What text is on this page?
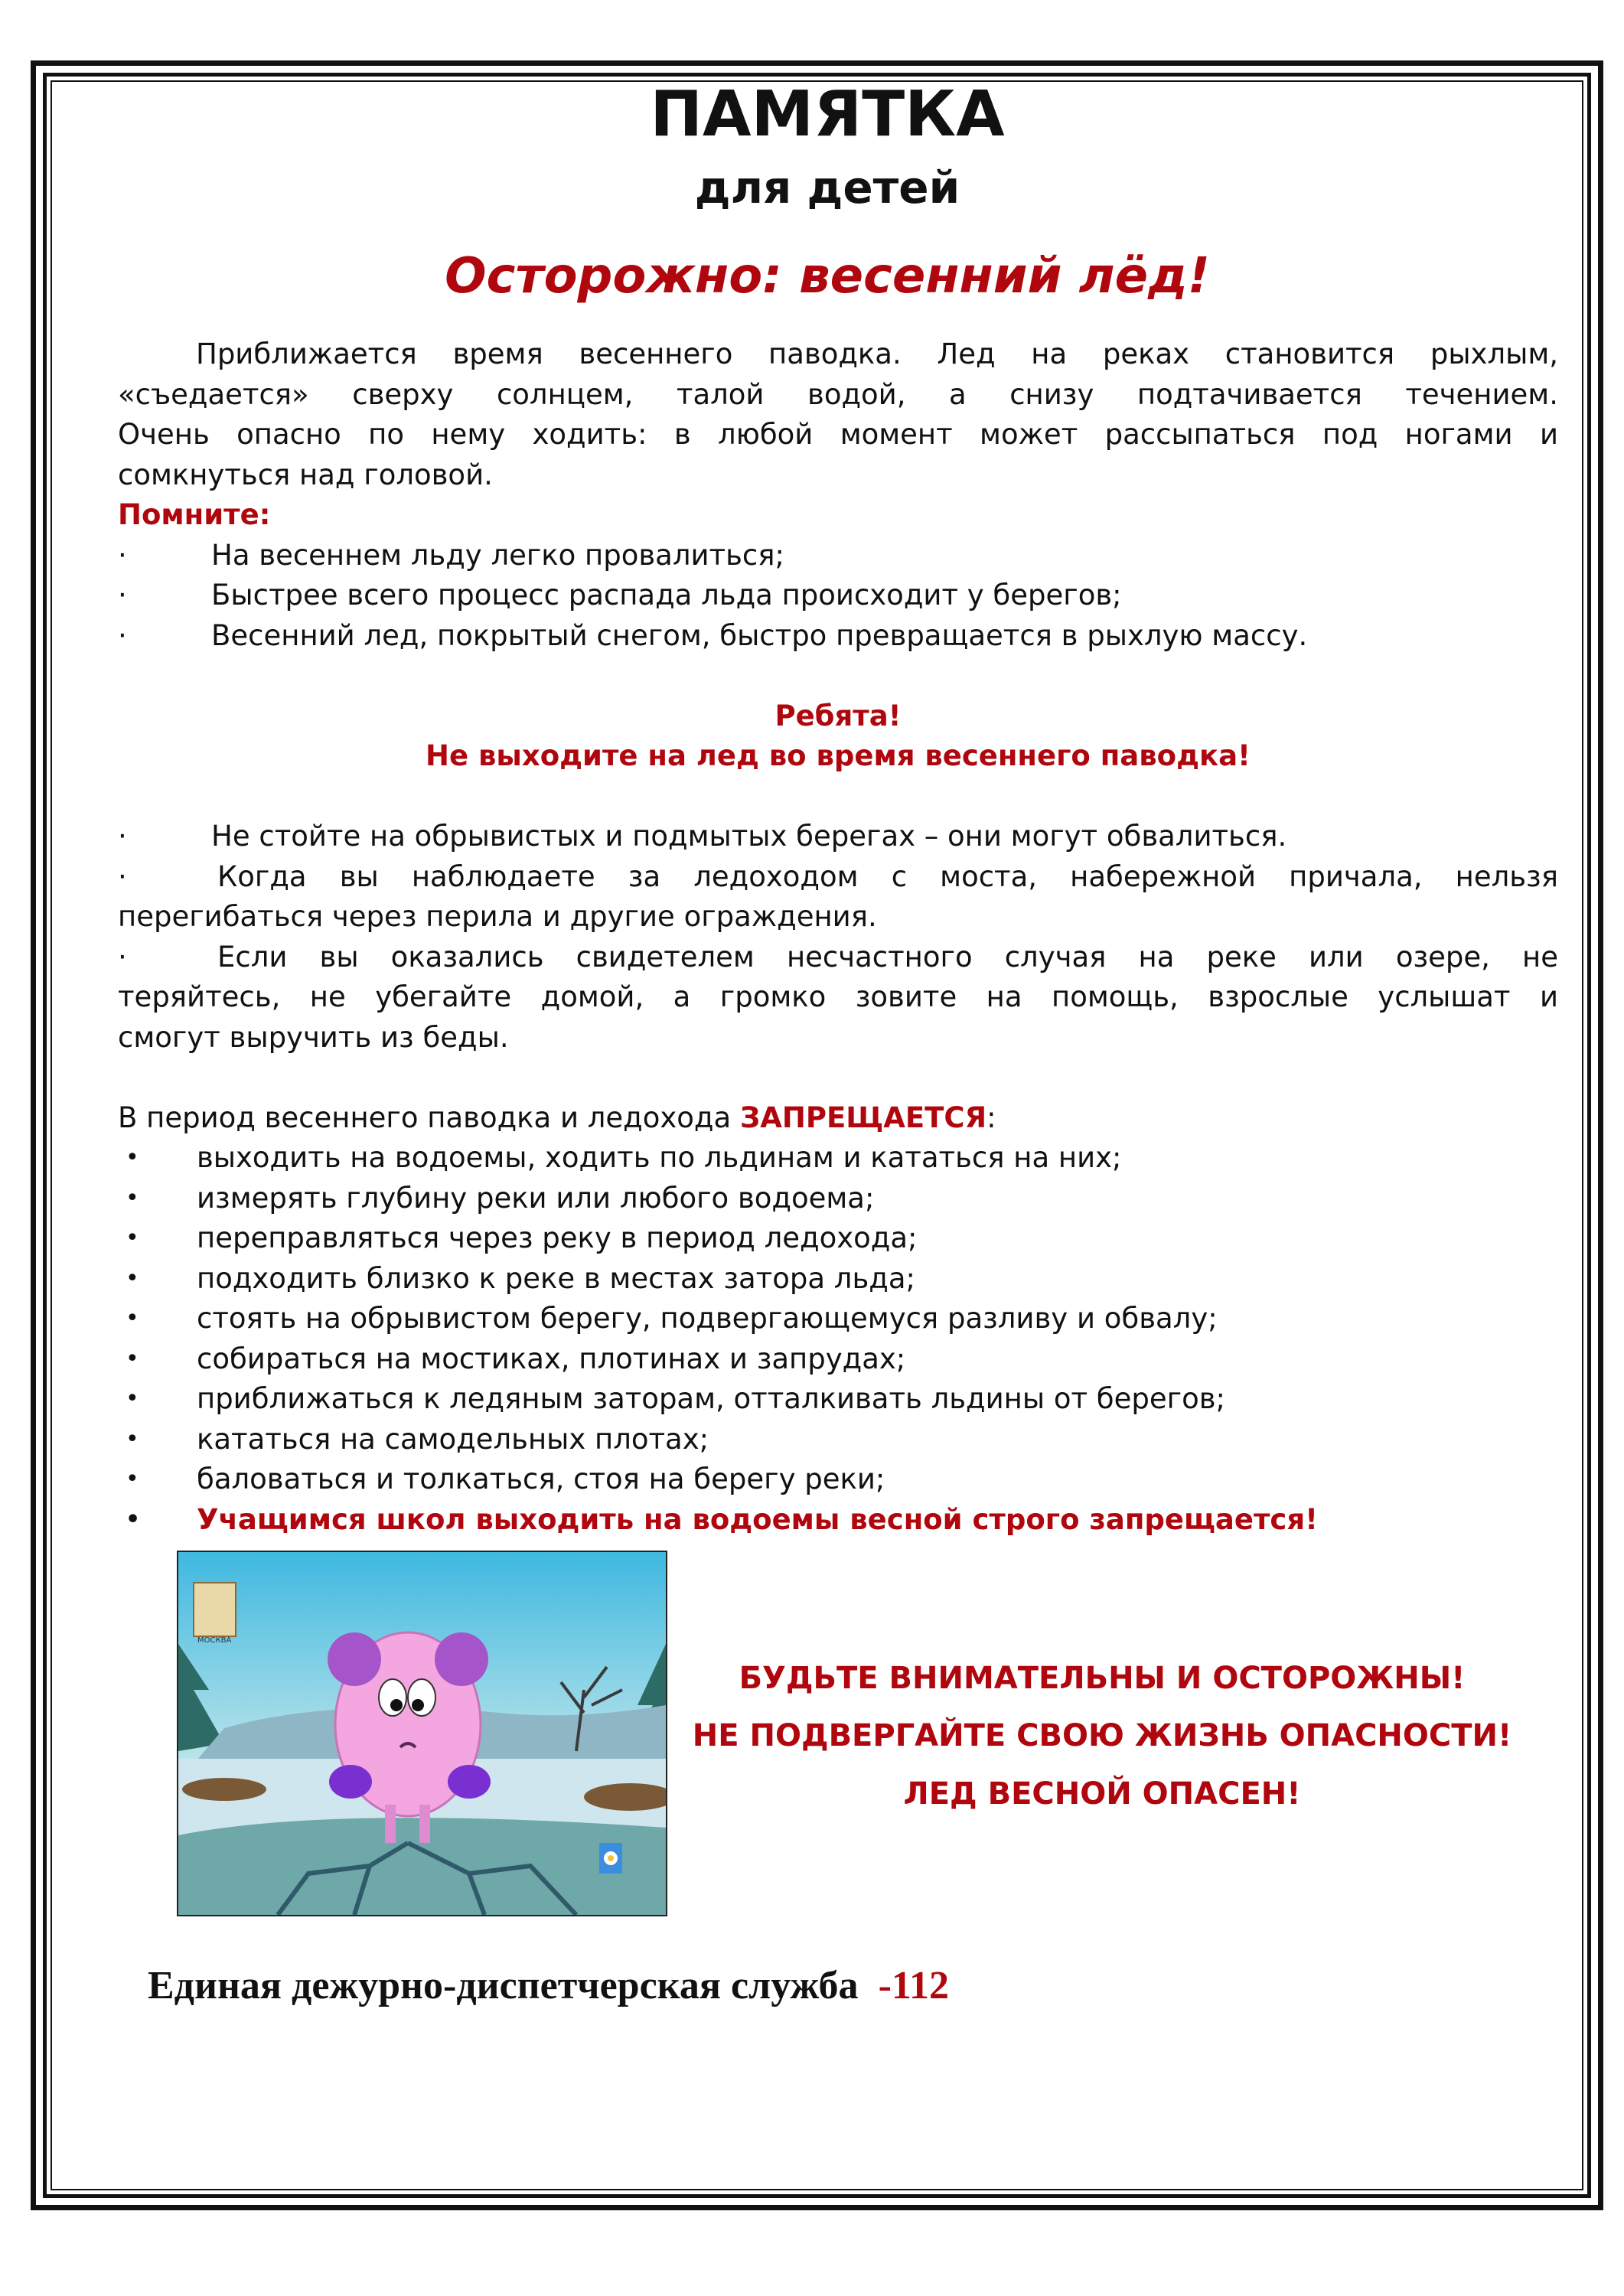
ПАМЯТКА
для детей
Осторожно: весенний лёд!
Приближается время весеннего паводка. Лед на реках становится рыхлым,
«съедается» сверху солнцем, талой водой, а снизу подтачивается течением.
Очень опасно по нему ходить: в любой момент может рассыпаться под ногами и
сомкнуться над головой.
Помните:
·	На весеннем льду легко провалиться;
·	Быстрее всего процесс распада льда происходит у берегов;
·	Весенний лед, покрытый снегом, быстро превращается в рыхлую массу.
Ребята!
Не выходите на лед во время весеннего паводка!
·	Не стойте на обрывистых и подмытых берегах – они могут обвалиться.
·	Когда вы наблюдаете за ледоходом с моста, набережной причала, нельзя
перегибаться через перила и другие ограждения.
·	Если вы оказались свидетелем несчастного случая на реке или озере, не
теряйтесь, не убегайте домой, а громко зовите на помощь, взрослые услышат и
смогут выручить из беды.
В период весеннего паводка и ледохода ЗАПРЕЩАЕТСЯ:
• выходить на водоемы, ходить по льдинам и кататься на них;
• измерять глубину реки или любого водоема;
• переправляться через реку в период ледохода;
• подходить близко к реке в местах затора льда;
• стоять на обрывистом берегу, подвергающемуся разливу и обвалу;
• собираться на мостиках, плотинах и запрудах;
• приближаться к ледяным заторам, отталкивать льдины от берегов;
• кататься на самодельных плотах;
• баловаться и толкаться, стоя на берегу реки;
• Учащимся школ выходить на водоемы весной строго запрещается!
МОСКВА
БУДЬТЕ ВНИМАТЕЛЬНЫ И ОСТОРОЖНЫ!
НЕ ПОДВЕРГАЙТЕ СВОЮ ЖИЗНЬ ОПАСНОСТИ!
ЛЕД ВЕСНОЙ ОПАСЕН!
Единая дежурно-диспетчерская служба -112
